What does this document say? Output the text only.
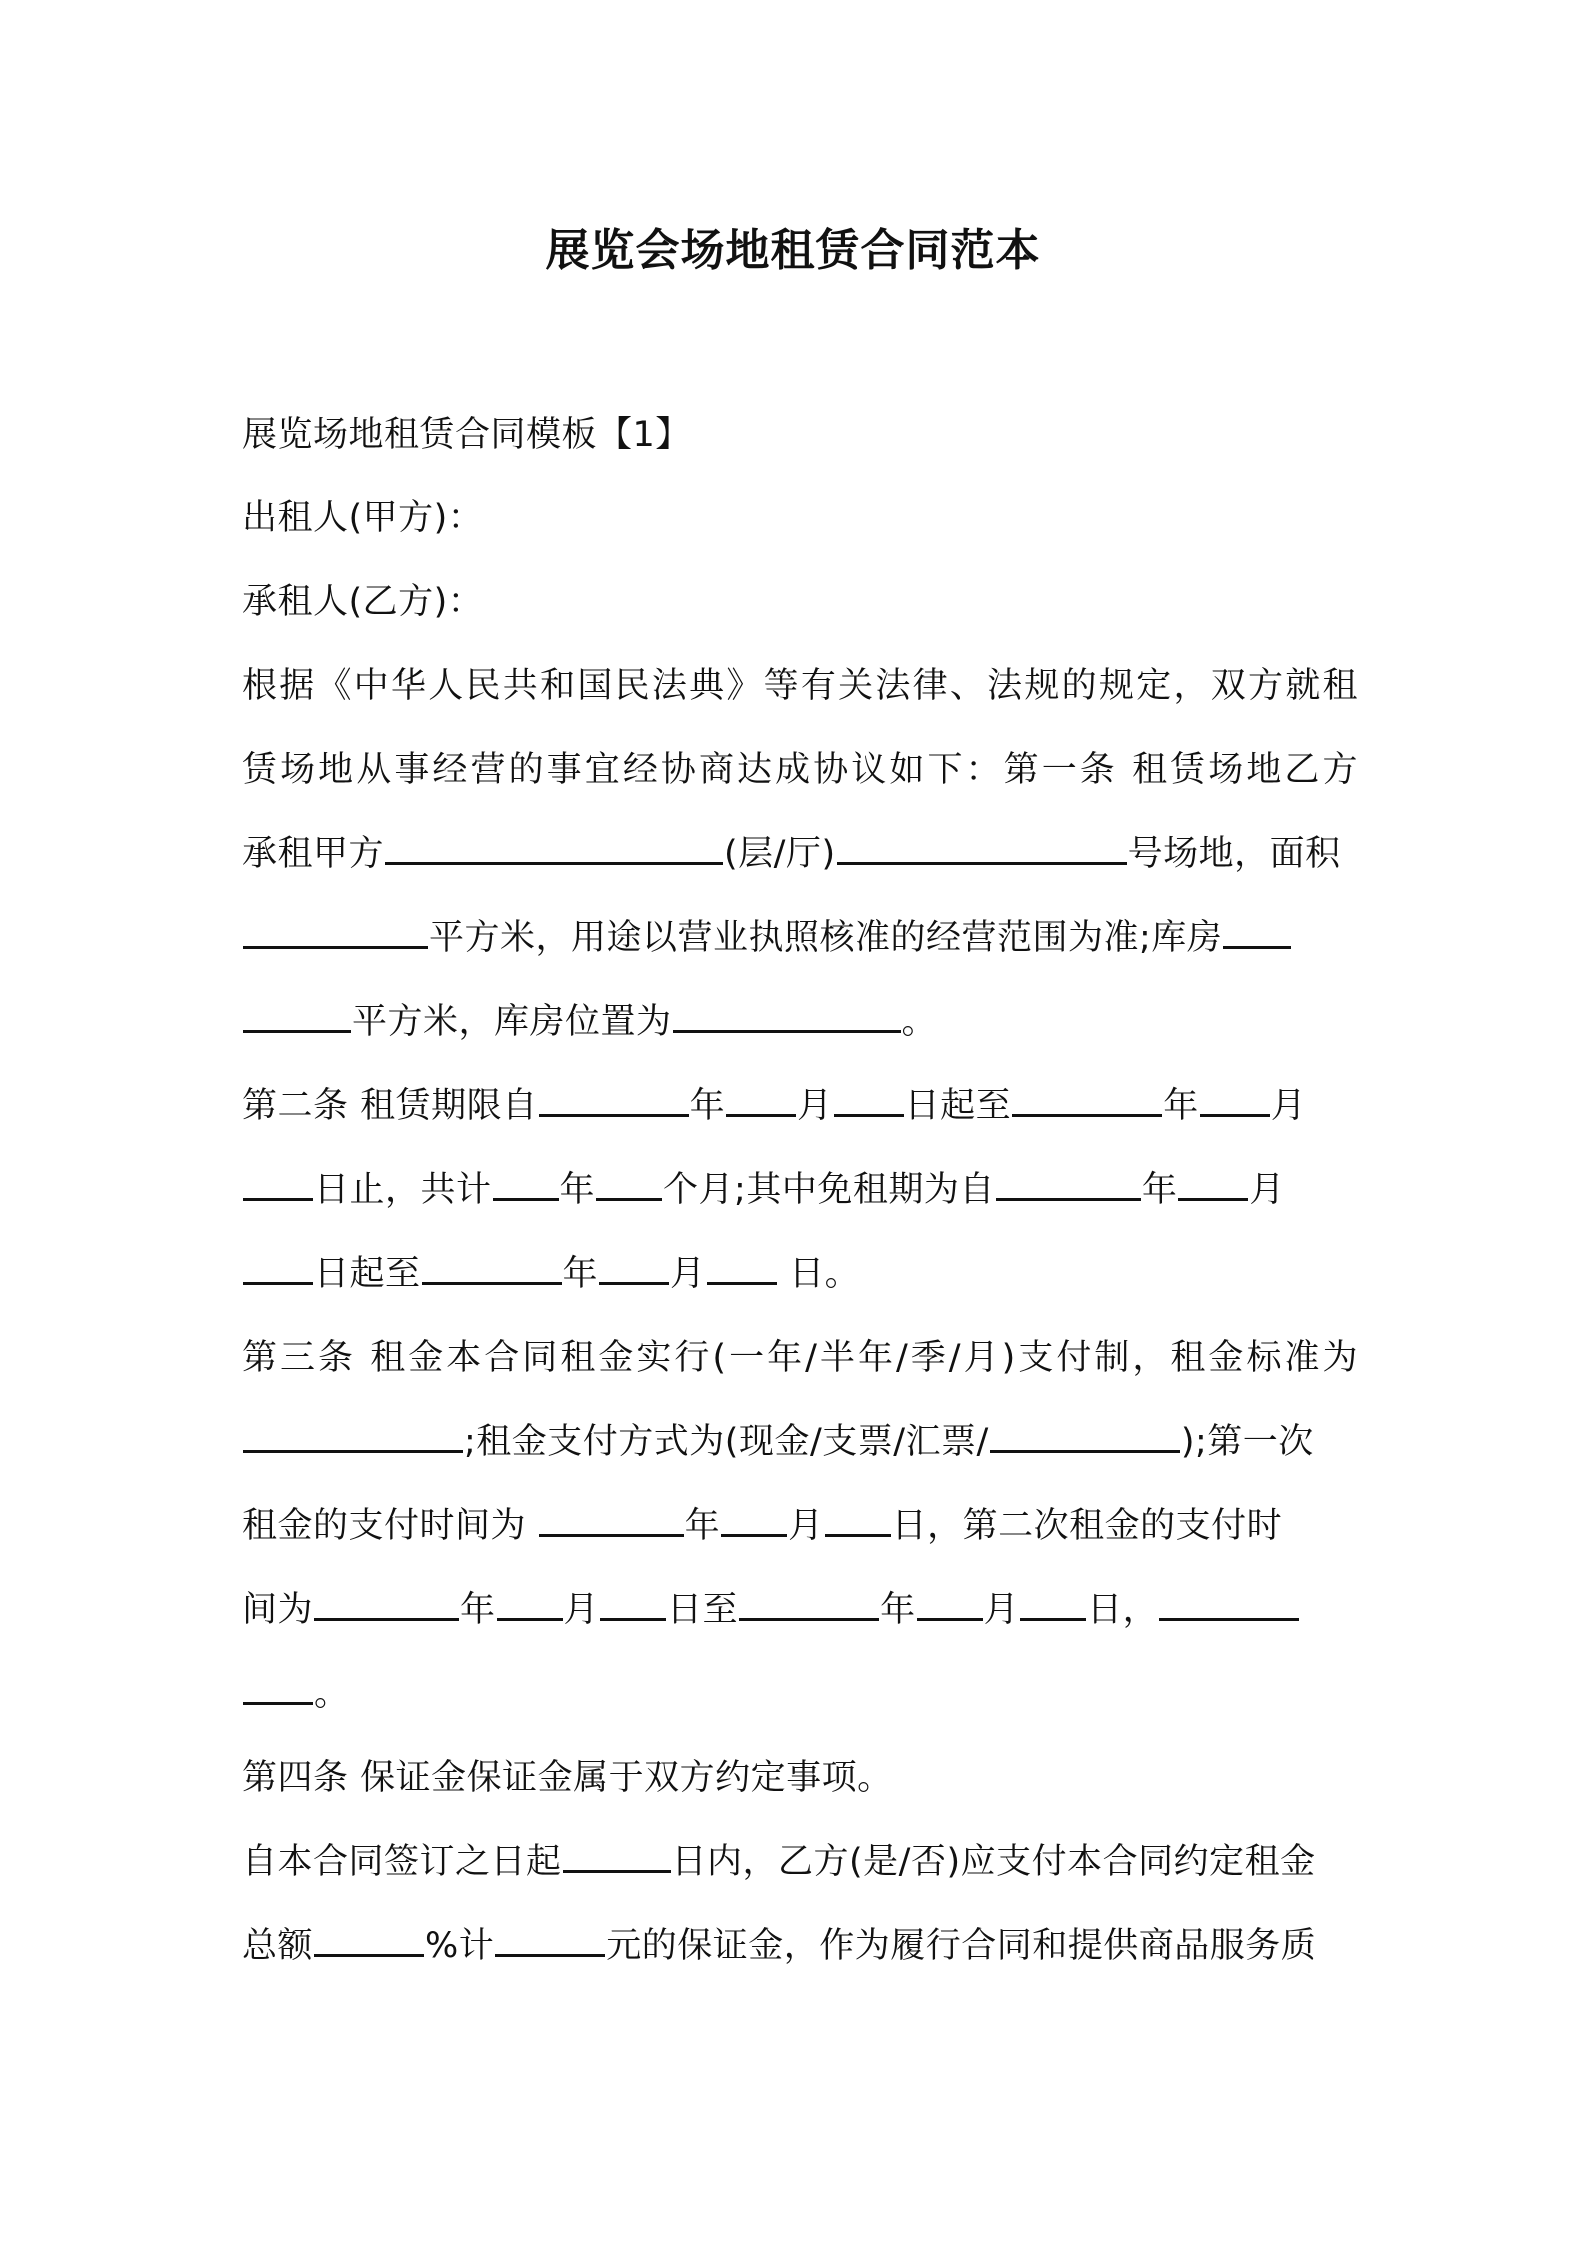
展览会场地租赁合同范本
展览场地租赁合同模板【1】
出租人(甲方)：
承租人(乙方)：
根据《中华人民共和国民法典》等有关法律、法规的规定，双方就租
赁场地从事经营的事宜经协商达成协议如下：第一条 租赁场地乙方
承租甲方	(层/厅)	号场地，面积
平方米，用途以营业执照核准的经营范围为准;库房
平方米，库房位置为	。
第二条 租赁期限自	年 月 日起至	年 月
日止，共计 年 个月;其中免租期为自	年 月
日起至	年 月 日。
第三条 租金本合同租金实行(一年/半年/季/月)支付制，租金标准为
;租金支付方式为(现金/支票/汇票/	);第一次
租金的支付时间为	年 月 日，第二次租金的支付时
间为	年 月 日至	年 月 日，
。
第四条 保证金保证金属于双方约定事项。
自本合同签订之日起	日内，乙方(是/否)应支付本合同约定租金
总额	%计	元的保证金，作为履行合同和提供商品服务质
